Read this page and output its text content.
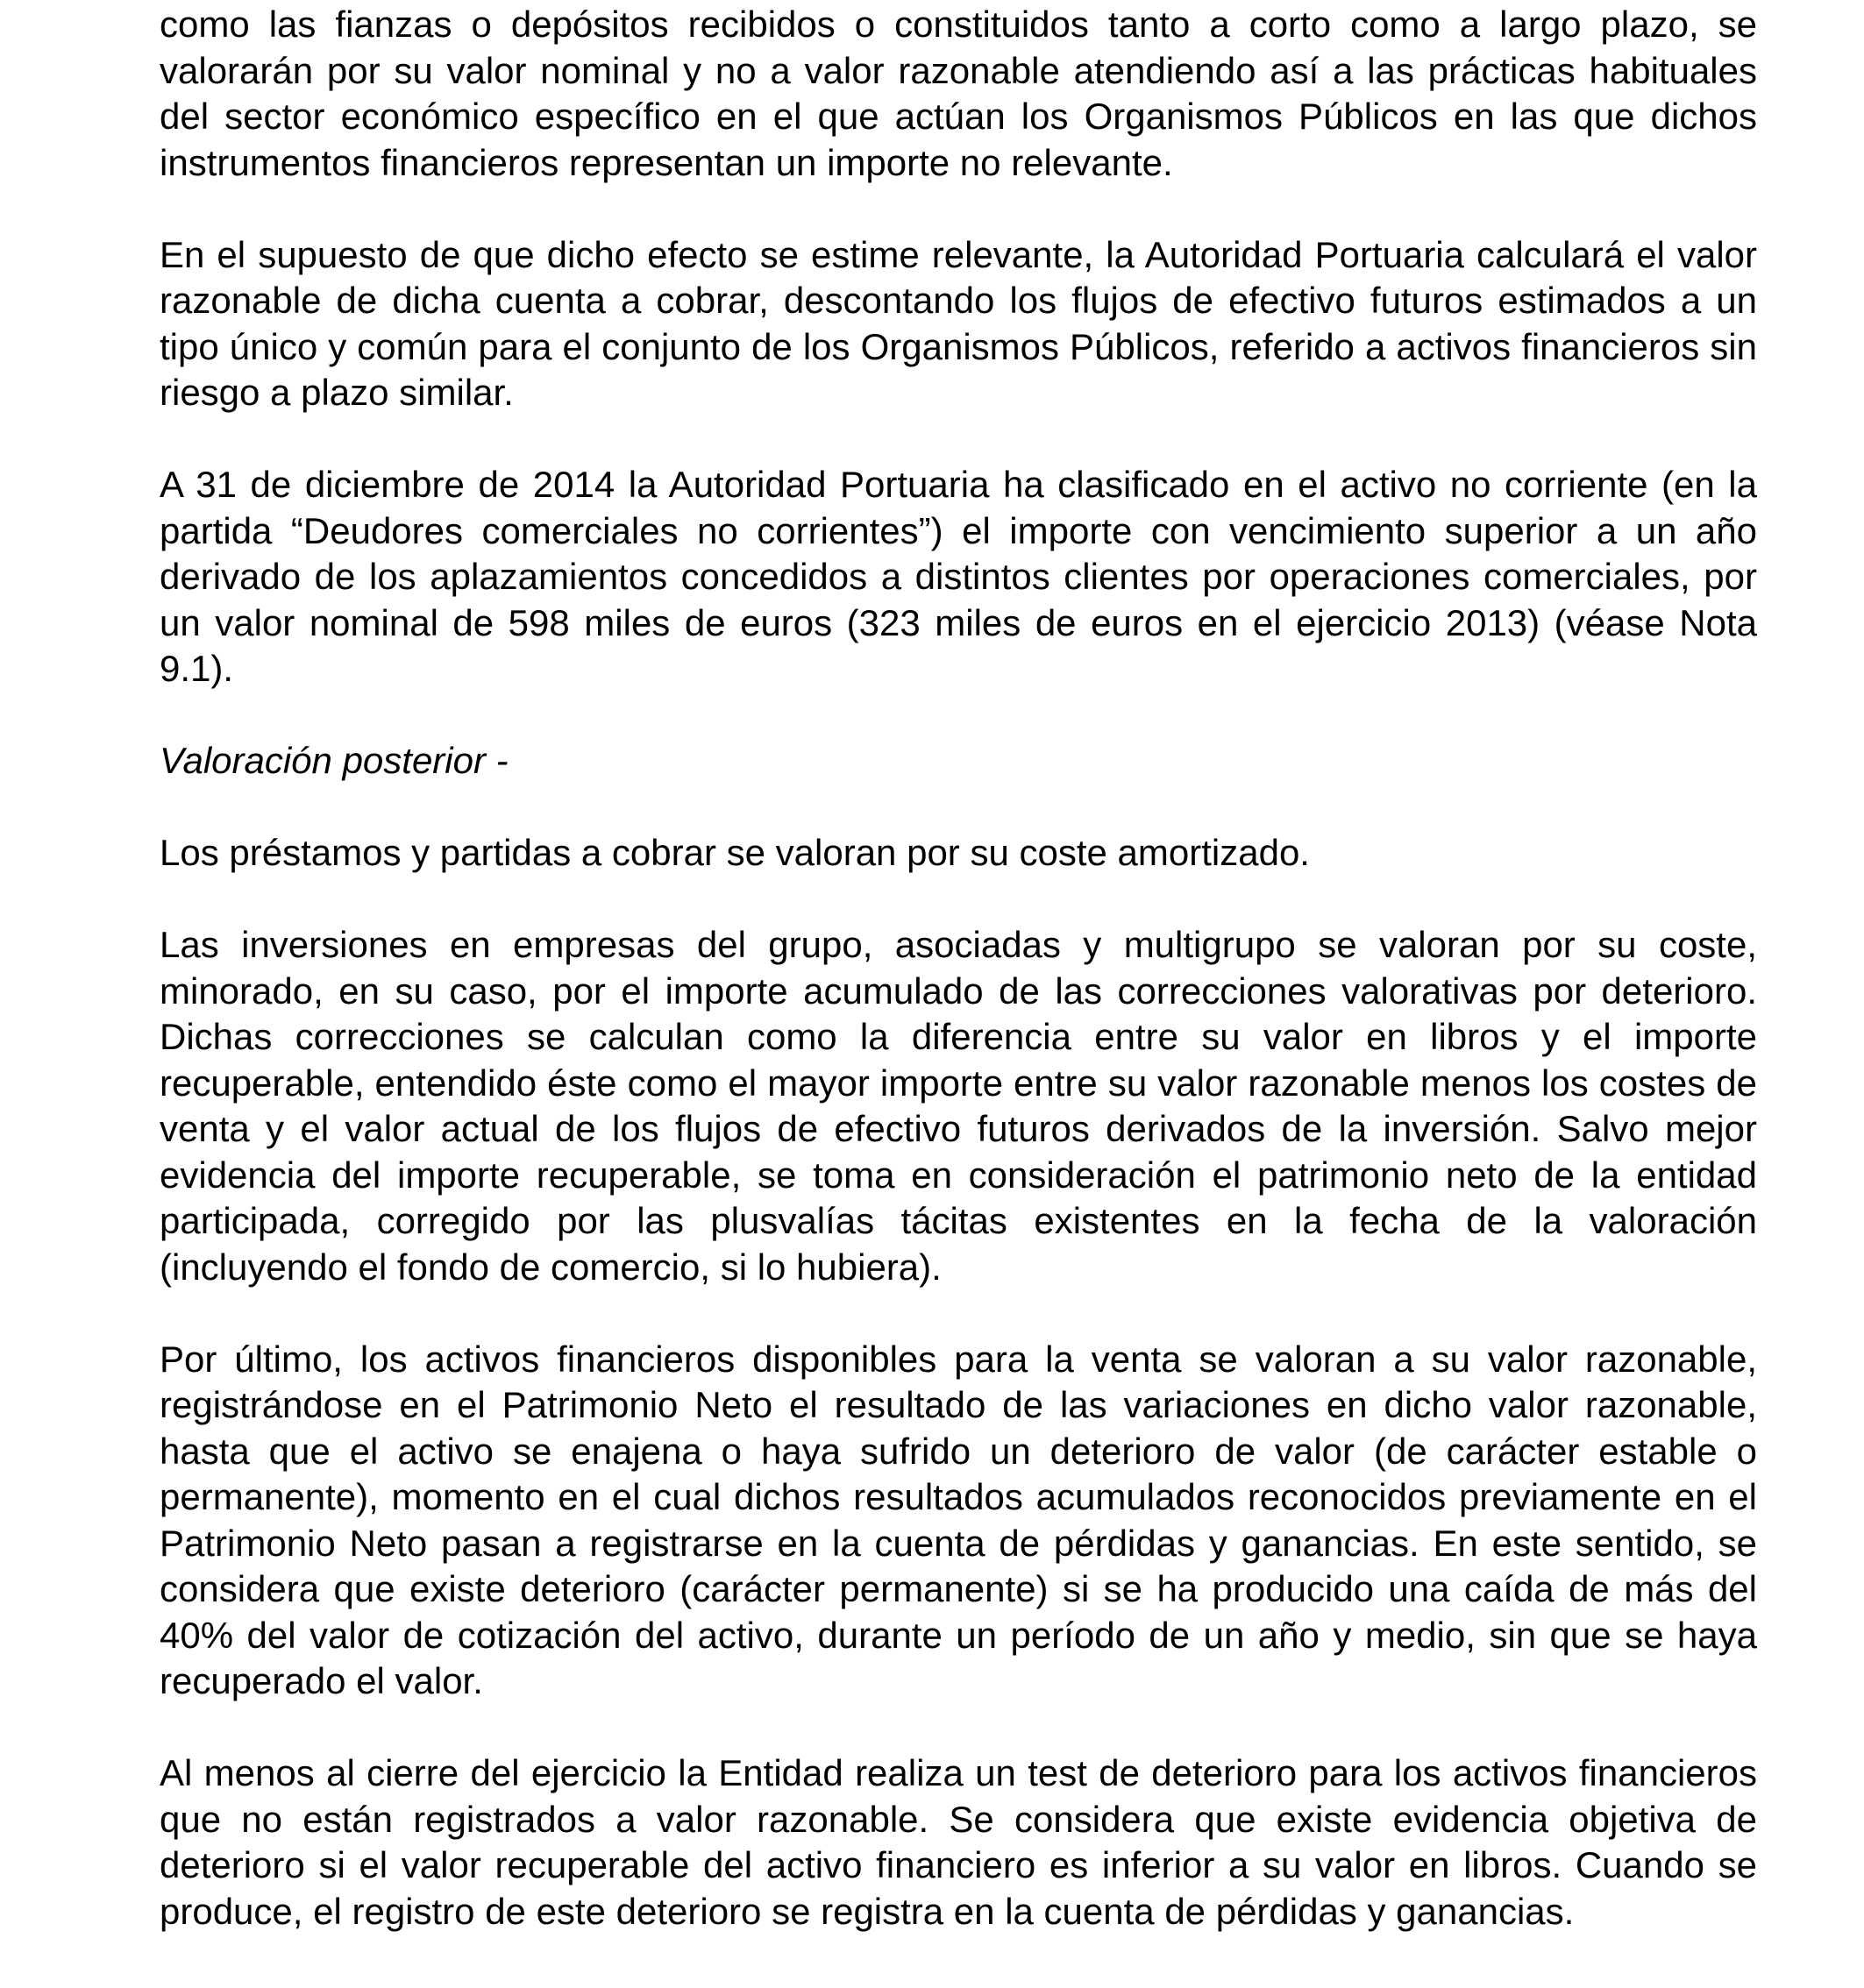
como las fianzas o depósitos recibidos o constituidos tanto a corto como a largo plazo, se valorarán por su valor nominal y no a valor razonable atendiendo así a las prácticas habituales del sector económico específico en el que actúan los Organismos Públicos en las que dichos instrumentos financieros representan un importe no relevante.

En el supuesto de que dicho efecto se estime relevante, la Autoridad Portuaria calculará el valor razonable de dicha cuenta a cobrar, descontando los flujos de efectivo futuros estimados a un tipo único y común para el conjunto de los Organismos Públicos, referido a activos financieros sin riesgo a plazo similar.

A 31 de diciembre de 2014 la Autoridad Portuaria ha clasificado en el activo no corriente (en la partida “Deudores comerciales no corrientes”) el importe con vencimiento superior a un año derivado de los aplazamientos concedidos a distintos clientes por operaciones comerciales, por un valor nominal de 598 miles de euros (323 miles de euros en el ejercicio 2013) (véase Nota 9.1).

Valoración posterior -

Los préstamos y partidas a cobrar se valoran por su coste amortizado.

Las inversiones en empresas del grupo, asociadas y multigrupo se valoran por su coste, minorado, en su caso, por el importe acumulado de las correcciones valorativas por deterioro. Dichas correcciones se calculan como la diferencia entre su valor en libros y el importe recuperable, entendido éste como el mayor importe entre su valor razonable menos los costes de venta y el valor actual de los flujos de efectivo futuros derivados de la inversión. Salvo mejor evidencia del importe recuperable, se toma en consideración el patrimonio neto de la entidad participada, corregido por las plusvalías tácitas existentes en la fecha de la valoración (incluyendo el fondo de comercio, si lo hubiera).

Por último, los activos financieros disponibles para la venta se valoran a su valor razonable, registrándose en el Patrimonio Neto el resultado de las variaciones en dicho valor razonable, hasta que el activo se enajena o haya sufrido un deterioro de valor (de carácter estable o permanente), momento en el cual dichos resultados acumulados reconocidos previamente en el Patrimonio Neto pasan a registrarse en la cuenta de pérdidas y ganancias. En este sentido, se considera que existe deterioro (carácter permanente) si se ha producido una caída de más del 40% del valor de cotización del activo, durante un período de un año y medio, sin que se haya recuperado el valor.

Al menos al cierre del ejercicio la Entidad realiza un test de deterioro para los activos financieros que no están registrados a valor razonable. Se considera que existe evidencia objetiva de deterioro si el valor recuperable del activo financiero es inferior a su valor en libros. Cuando se produce, el registro de este deterioro se registra en la cuenta de pérdidas y ganancias.
